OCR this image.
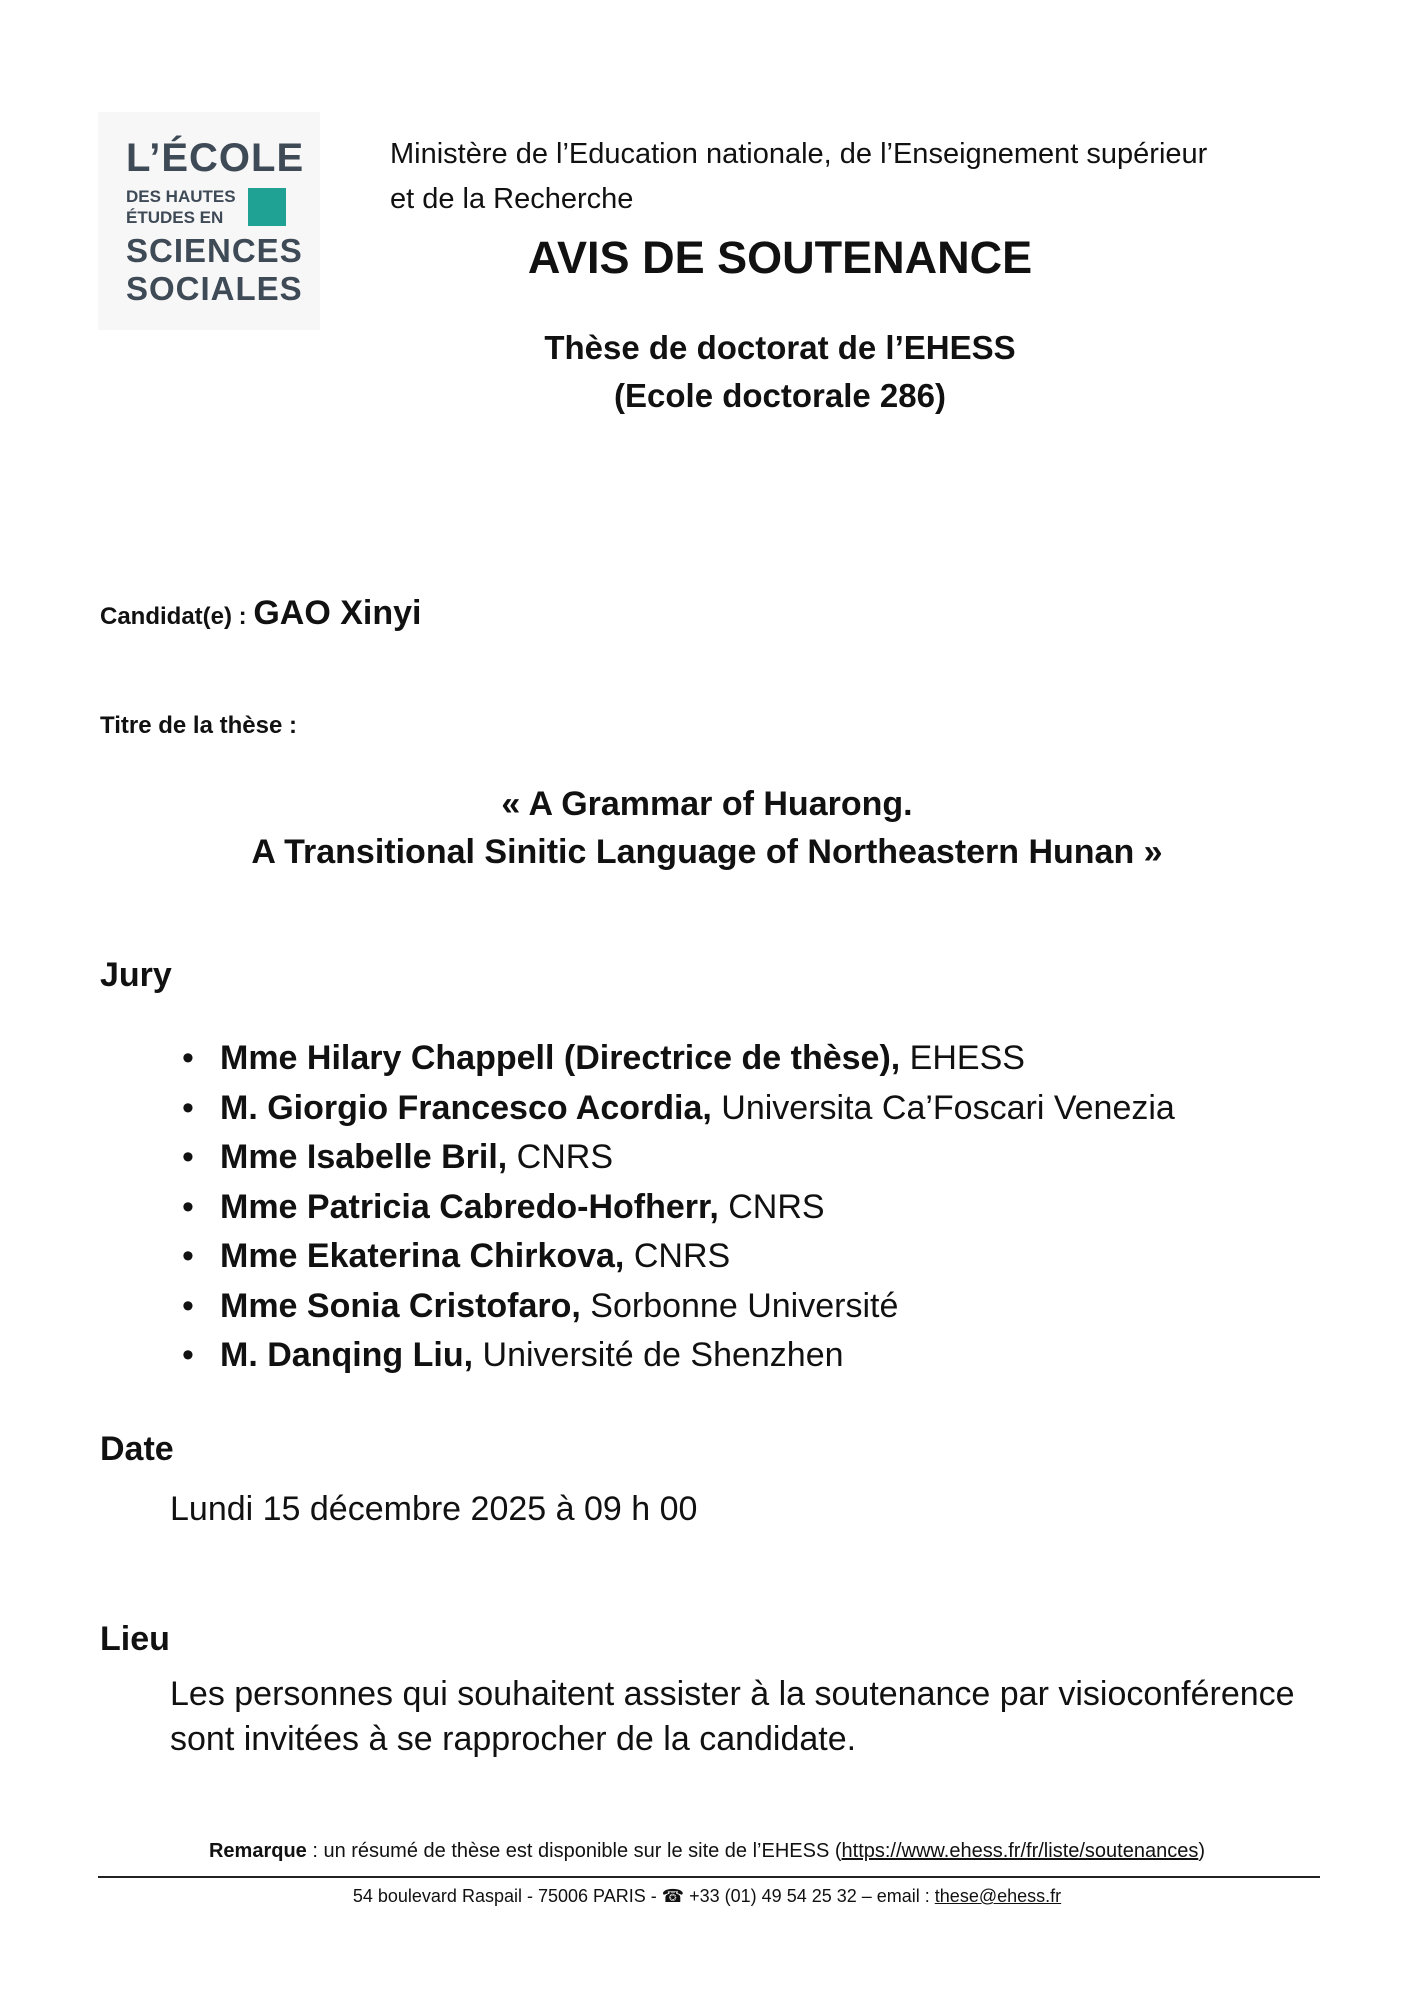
L’ÉCOLE
DES HAUTES
ÉTUDES EN
SCIENCES
SOCIALES
Ministère de l’Education nationale, de l’Enseignement supérieur
et de la Recherche
AVIS DE SOUTENANCE
Thèse de doctorat de l’EHESS
(Ecole doctorale 286)
Candidat(e) : GAO Xinyi
Titre de la thèse :
« A Grammar of Huarong.
A Transitional Sinitic Language of Northeastern Hunan »
Jury
• Mme Hilary Chappell (Directrice de thèse), EHESS
• M. Giorgio Francesco Acordia, Universita Ca’Foscari Venezia
• Mme Isabelle Bril, CNRS
• Mme Patricia Cabredo-Hofherr, CNRS
• Mme Ekaterina Chirkova, CNRS
• Mme Sonia Cristofaro, Sorbonne Université
• M. Danqing Liu, Université de Shenzhen
Date
Lundi 15 décembre 2025 à 09 h 00
Lieu
Les personnes qui souhaitent assister à la soutenance par visioconférence
sont invitées à se rapprocher de la candidate.
Remarque : un résumé de thèse est disponible sur le site de l’EHESS (https://www.ehess.fr/fr/liste/soutenances)
54 boulevard Raspail - 75006 PARIS - ☎ +33 (01) 49 54 25 32 – email : these@ehess.fr
